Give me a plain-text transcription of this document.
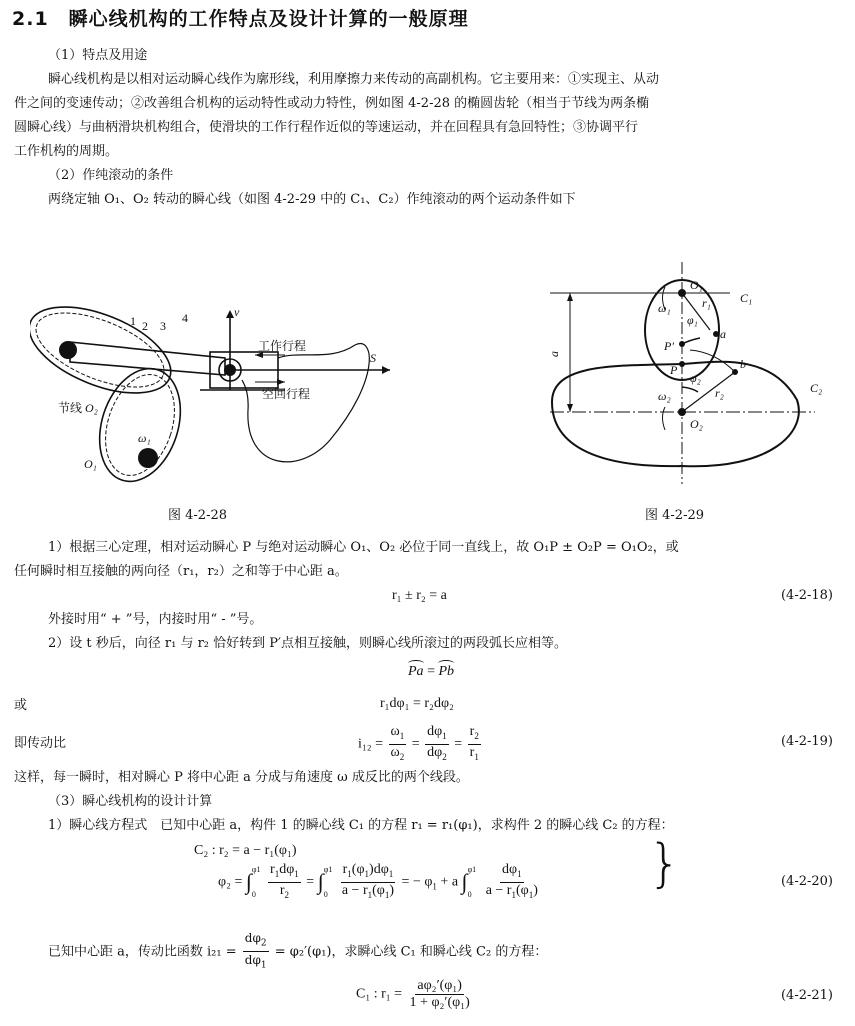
2.1 瞬心线机构的工作特点及设计计算的一般原理
（1）特点及用途
瞬心线机构是以相对运动瞬心线作为廓形线，利用摩擦力来传动的高副机构。它主要用来：①实现主、从动
件之间的变速传动；②改善组合机构的运动特性或动力特性，例如图 4-2-28 的椭圆齿轮（相当于节线为两条椭
圆瞬心线）与曲柄滑块机构组合，使滑块的工作行程作近似的等速运动，并在回程具有急回特性；③协调平行
工作机构的周期。
（2）作纯滚动的条件
两绕定轴 O₁、O₂ 转动的瞬心线（如图 4-2-29 中的 C₁、C₂）作纯滚动的两个运动条件如下
1 2 3
4	v
S
工作行程
空回行程
节线 O₂
O₁
ω₁
图 4-2-28
O₁
O₂
C₁
C₂
r₁
r₂
φ₁
φ₂
ω₁
ω₂
a
b
P
P′
a
图 4-2-29
1）根据三心定理，相对运动瞬心 P 与绝对运动瞬心 O₁、O₂ 必位于同一直线上，故 O₁P ± O₂P = O₁O₂，或
任何瞬时相互接触的两向径（r₁，r₂）之和等于中心距 a。
r₁ ± r₂ = a	(4-2-18)
外接时用“ + ”号，内接时用“ - ”号。
2）设 t 秒后，向径 r₁ 与 r₂ 恰好转到 P′点相互接触，则瞬心线所滚过的两段弧长应相等。
Pa = Pb
或	r₁dφ₁ = r₂dφ₂
即传动比	$i_{12} = \frac{\omega_1}{\omega_2} = \frac{d\varphi_1}{d\varphi_2} = \frac{r_2}{r_1}$	(4-2-19)
这样，每一瞬时，相对瞬心 P 将中心距 a 分成与角速度 ω 成反比的两个线段。
（3）瞬心线机构的设计计算
1）瞬心线方程式　已知中心距 a，构件 1 的瞬心线 C₁ 的方程 r₁ = r₁(φ₁)，求构件 2 的瞬心线 C₂ 的方程：
C₂ : r₂ = a − r₁(φ₁)
φ₂ = ∫ φ1
0
$\frac{r_1d\varphi_1}{r_2}$ = ∫ φ1
0
$\frac{r_1(\varphi_1)d\varphi_1}{a - r_1(\varphi_1)}$ = − $\varphi_1 + a$ ∫ φ1
0
$\frac{d\varphi_1}{a - r_1(\varphi_1)}$ }	(4-2-20)
已知中心距 a，传动比函数 $i_{21} = \frac{d\varphi_2}{d\varphi_1} = \varphi_2'(\varphi_1)$，求瞬心线 C₁ 和瞬心线 C₂ 的方程：
C₁ : $r_1 = \frac{\text{aφ₂′(φ₁)}}{\text{1 + φ₂′(φ₁)}}$	(4-2-21)
